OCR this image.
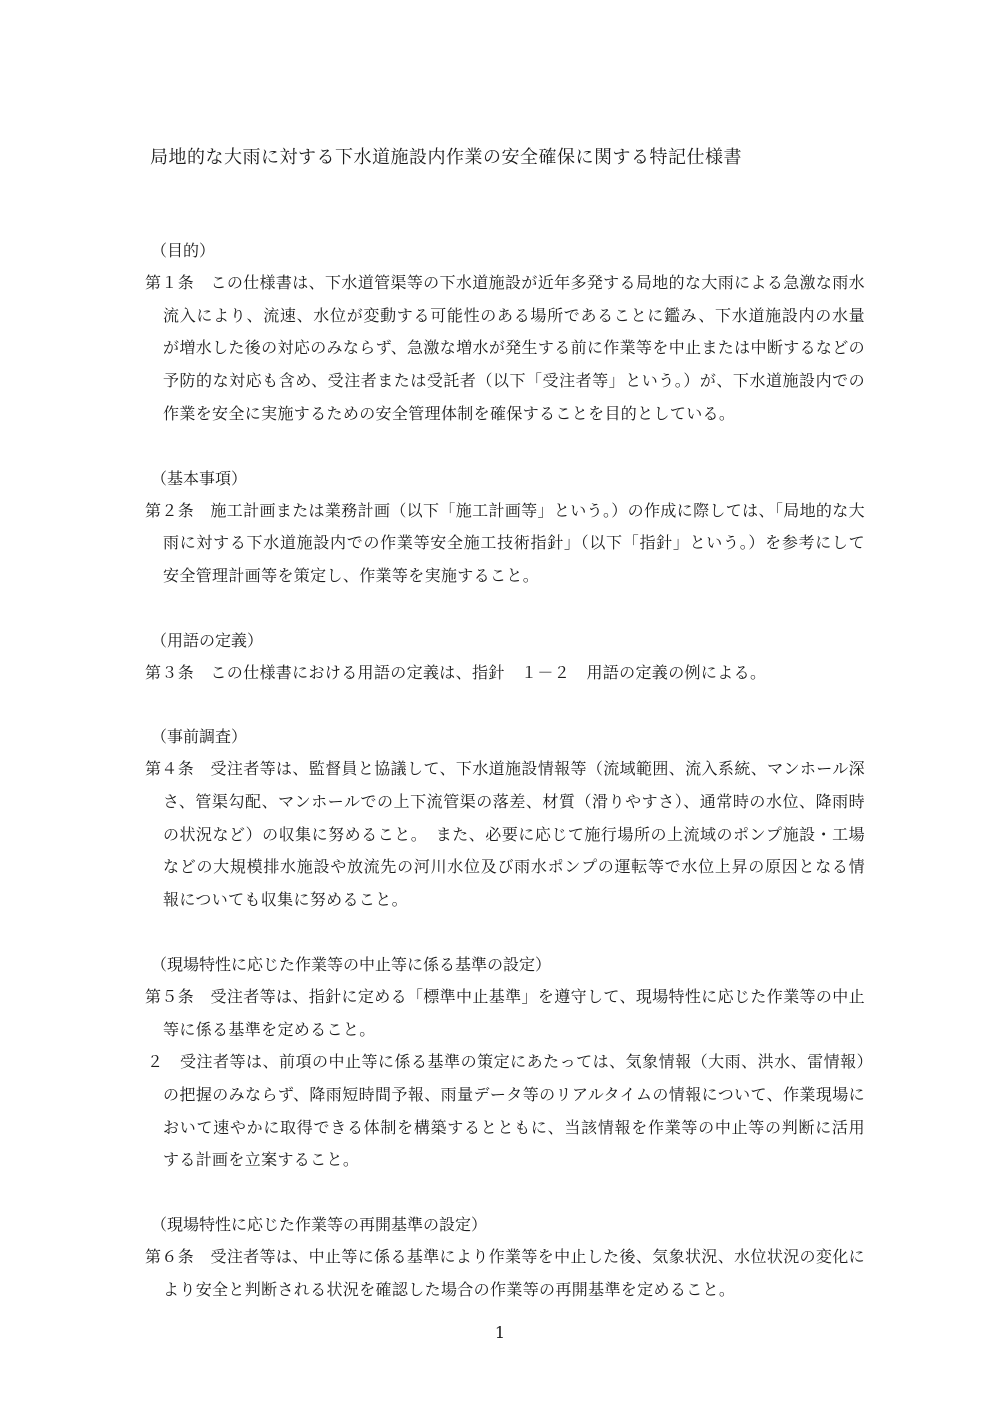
局地的な大雨に対する下水道施設内作業の安全確保に関する特記仕様書
（目的）
第１条　この仕様書は、下水道管渠等の下水道施設が近年多発する局地的な大雨による急激な雨水流入により、流速、水位が変動する可能性のある場所であることに鑑み、下水道施設内の水量が増水した後の対応のみならず、急激な増水が発生する前に作業等を中止または中断するなどの予防的な対応も含め、受注者または受託者（以下「受注者等」という。）が、下水道施設内での作業を安全に実施するための安全管理体制を確保することを目的としている。
（基本事項）
第２条　施工計画または業務計画（以下「施工計画等」という。）の作成に際しては、「局地的な大雨に対する下水道施設内での作業等安全施工技術指針」（以下「指針」という。）を参考にして安全管理計画等を策定し、作業等を実施すること。
（用語の定義）
第３条　この仕様書における用語の定義は、指針　１－２　用語の定義の例による。
（事前調査）
第４条　受注者等は、監督員と協議して、下水道施設情報等（流域範囲、流入系統、マンホール深さ、管渠勾配、マンホールでの上下流管渠の落差、材質（滑りやすさ）、通常時の水位、降雨時の状況など）の収集に努めること。　また、必要に応じて施行場所の上流域のポンプ施設・工場などの大規模排水施設や放流先の河川水位及び雨水ポンプの運転等で水位上昇の原因となる情報についても収集に努めること。
（現場特性に応じた作業等の中止等に係る基準の設定）
第５条　受注者等は、指針に定める「標準中止基準」を遵守して、現場特性に応じた作業等の中止等に係る基準を定めること。
２　受注者等は、前項の中止等に係る基準の策定にあたっては、気象情報（大雨、洪水、雷情報）の把握のみならず、降雨短時間予報、雨量データ等のリアルタイムの情報について、作業現場において速やかに取得できる体制を構築するとともに、当該情報を作業等の中止等の判断に活用する計画を立案すること。
（現場特性に応じた作業等の再開基準の設定）
第６条　受注者等は、中止等に係る基準により作業等を中止した後、気象状況、水位状況の変化により安全と判断される状況を確認した場合の作業等の再開基準を定めること。
1
